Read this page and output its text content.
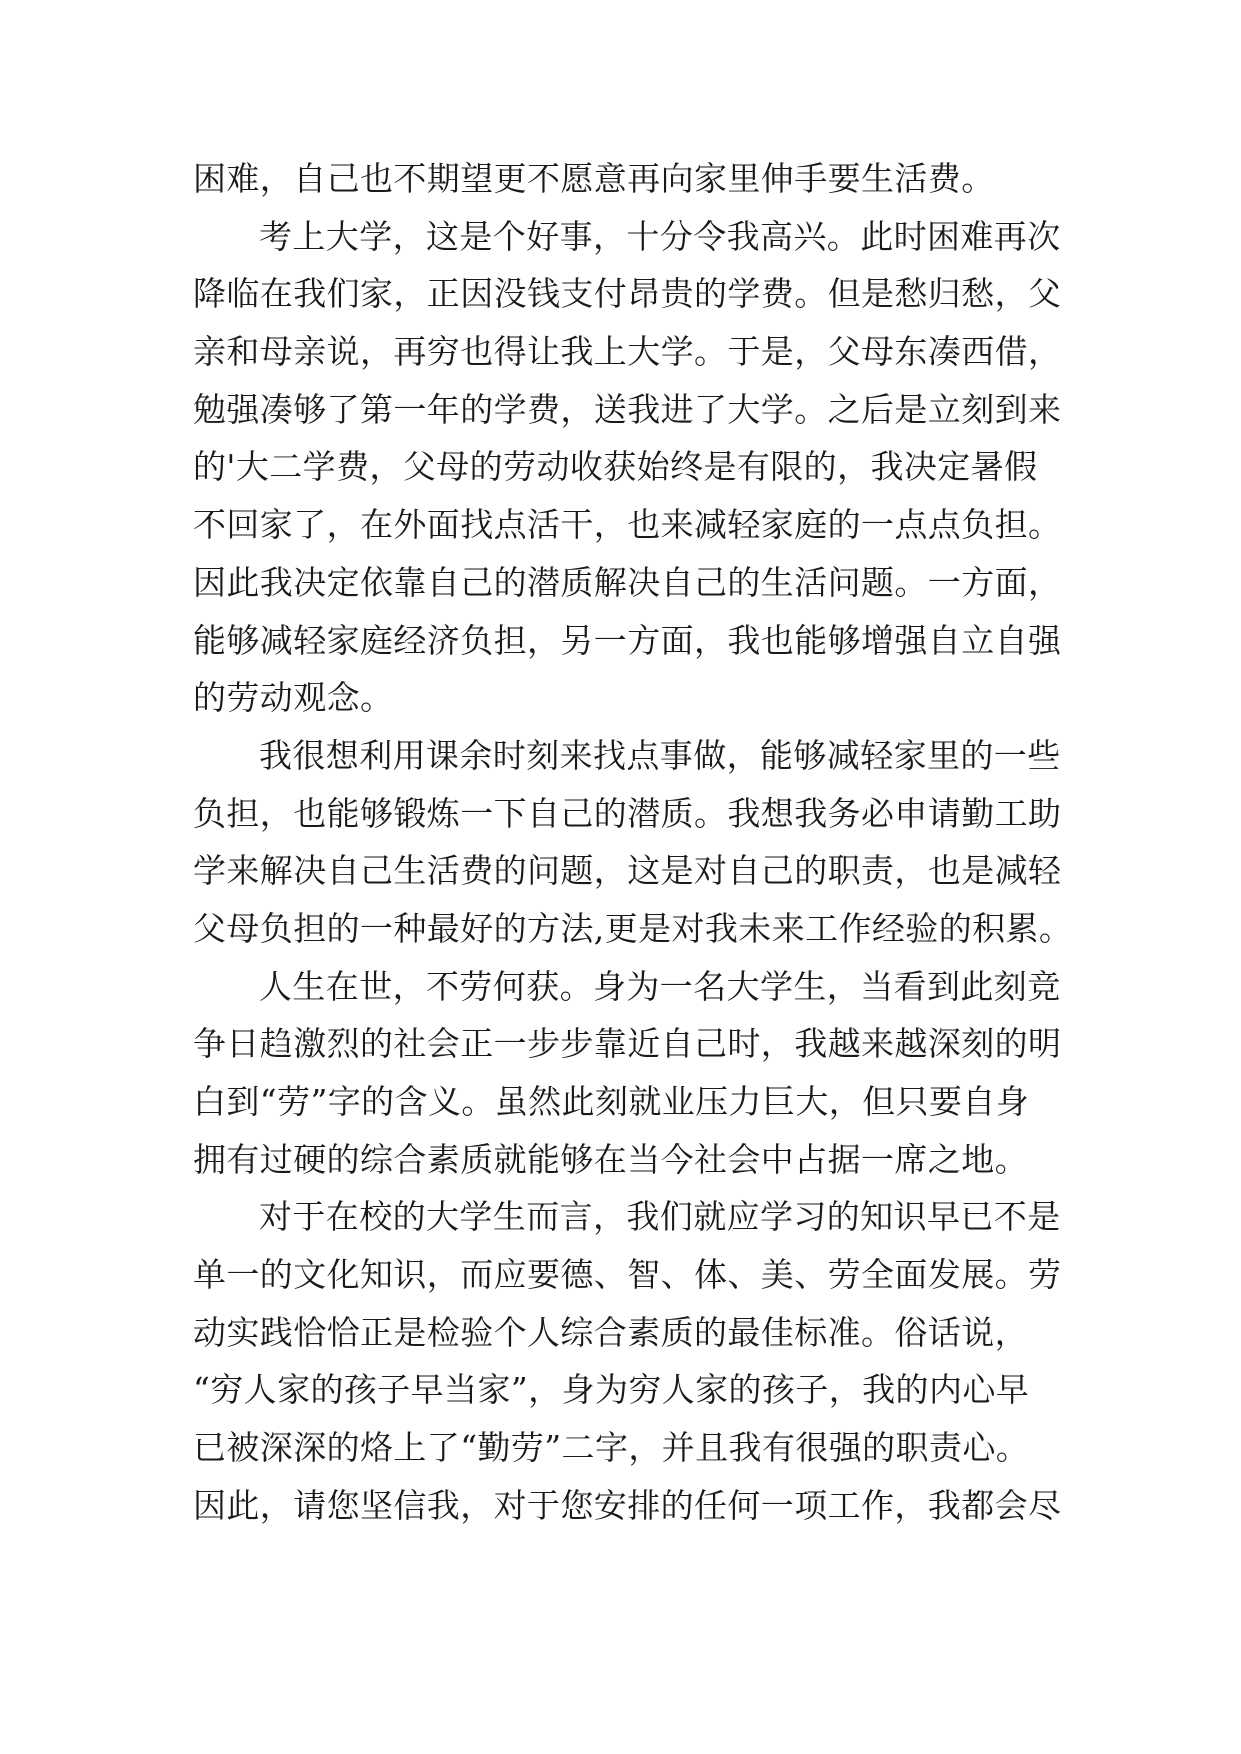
困难，自己也不期望更不愿意再向家里伸手要生活费。
考上大学，这是个好事，十分令我高兴。此时困难再次
降临在我们家，正因没钱支付昂贵的学费。但是愁归愁，父
亲和母亲说，再穷也得让我上大学。于是，父母东凑西借，
勉强凑够了第一年的学费，送我进了大学。之后是立刻到来
的'大二学费，父母的劳动收获始终是有限的，我决定暑假
不回家了，在外面找点活干，也来减轻家庭的一点点负担。
因此我决定依靠自己的潜质解决自己的生活问题。一方面，
能够减轻家庭经济负担，另一方面，我也能够增强自立自强
的劳动观念。
我很想利用课余时刻来找点事做，能够减轻家里的一些
负担，也能够锻炼一下自己的潜质。我想我务必申请勤工助
学来解决自己生活费的问题，这是对自己的职责，也是减轻
父母负担的一种最好的方法,更是对我未来工作经验的积累。
人生在世，不劳何获。身为一名大学生，当看到此刻竞
争日趋激烈的社会正一步步靠近自己时，我越来越深刻的明
白到“劳”字的含义。虽然此刻就业压力巨大，但只要自身
拥有过硬的综合素质就能够在当今社会中占据一席之地。
对于在校的大学生而言，我们就应学习的知识早已不是
单一的文化知识，而应要德、智、体、美、劳全面发展。劳
动实践恰恰正是检验个人综合素质的最佳标准。俗话说，
“穷人家的孩子早当家”，身为穷人家的孩子，我的内心早
已被深深的烙上了“勤劳”二字，并且我有很强的职责心。
因此，请您坚信我，对于您安排的任何一项工作，我都会尽
